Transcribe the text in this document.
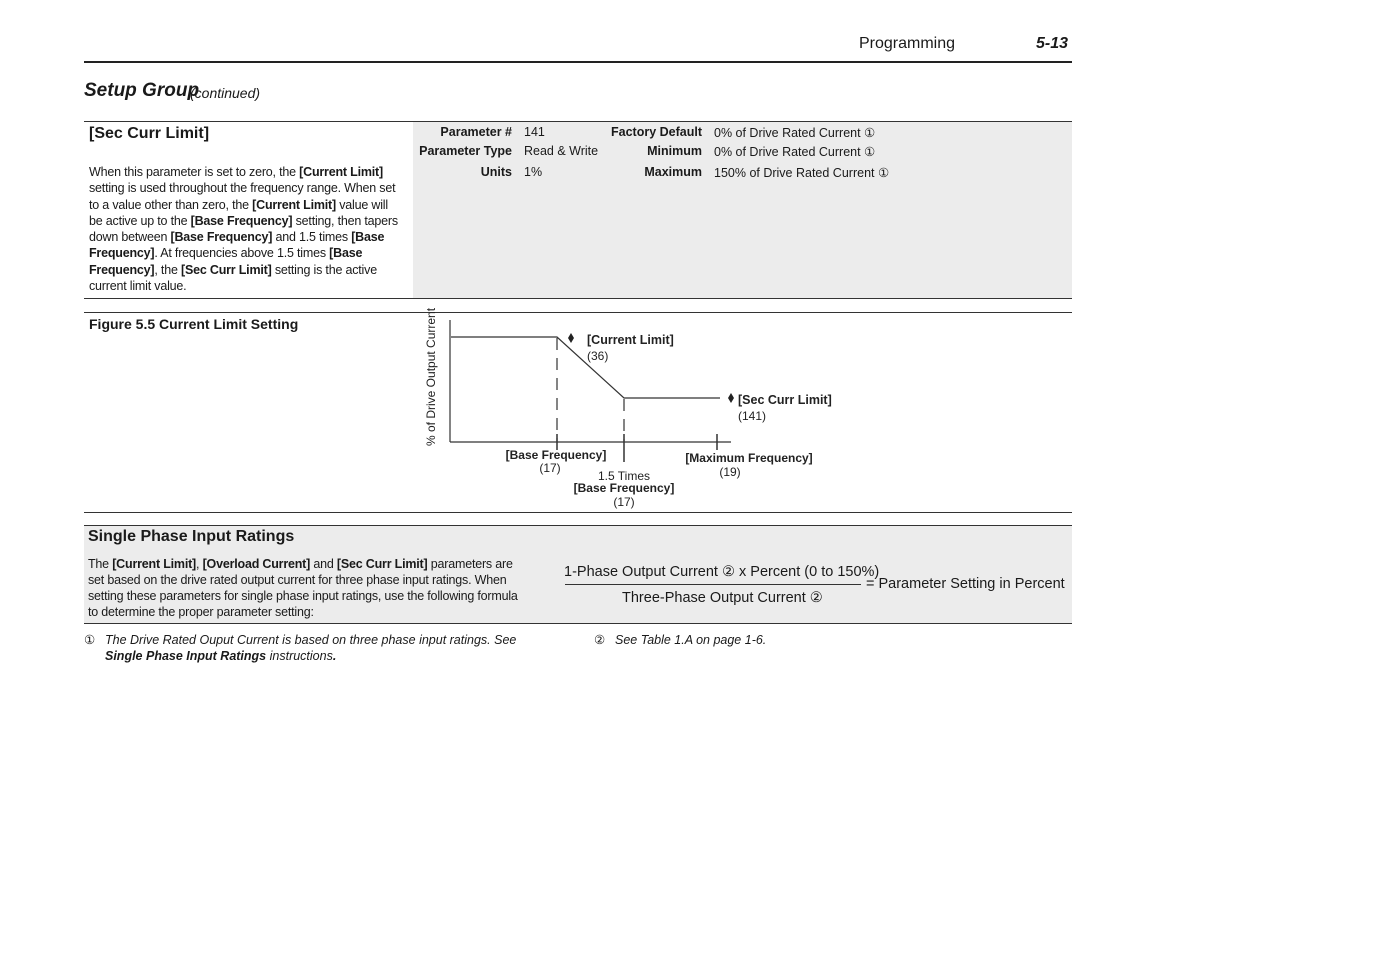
Programming	5-13
Setup Group
(continued)
[Sec Curr Limit]
When this parameter is set to zero, the [Current Limit] setting is used throughout the frequency range. When set to a value other than zero, the [Current Limit] value will be active up to the [Base Frequency] setting, then tapers down between [Base Frequency] and 1.5 times [Base Frequency]. At frequencies above 1.5 times [Base Frequency], the [Sec Curr Limit] setting is the active current limit value.
Parameter # 141
Parameter Type Read & Write
Units 1%
Factory Default 0% of Drive Rated Current ①
Minimum 0% of Drive Rated Current ①
Maximum 150% of Drive Rated Current ①
Figure 5.5 Current Limit Setting	% of Drive Output Current	[Current Limit]
(36)
[Sec Curr Limit]
(141)
[Base Frequency]
(17)
1.5 Times
[Base Frequency]
(17)
[Maximum Frequency]
(19)
Single Phase Input Ratings
The [Current Limit], [Overload Current] and [Sec Curr Limit] parameters are set based on the drive rated output current for three phase input ratings. When setting these parameters for single phase input ratings, use the following formula to determine the proper parameter setting:
1-Phase Output Current ② x Percent (0 to 150%)
Three-Phase Output Current ②
= Parameter Setting in Percent
① The Drive Rated Ouput Current is based on three phase input ratings. See Single Phase Input Ratings instructions.
② See Table 1.A on page 1-6.
